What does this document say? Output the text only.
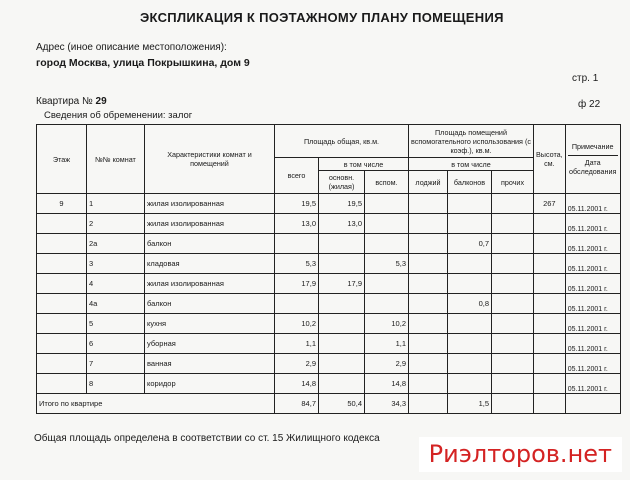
ЭКСПЛИКАЦИЯ К ПОЭТАЖНОМУ ПЛАНУ ПОМЕЩЕНИЯ
Адрес (иное описание местоположения):
город Москва, улица Покрышкина, дом 9
стр. 1
Квартира № 29	ф 22
Сведения об обременении: залог
Этаж	№№ комнат	Характеристики комнат и помещений	Площадь общая, кв.м.			Площадь помещений вспомогательного использования (с коэф.), кв.м.			Высота, см.	Примечание
Дата обследования

			всего	в том числе		в том числе				
				основн. (жилая)	вспом.	лоджий	балконов	прочих		
9	1	жилая изолированная	19,5	19,5					267	05.11.2001 г.
	2	жилая изолированная	13,0	13,0						05.11.2001 г.
	2а	балкон					0,7			05.11.2001 г.
	3	кладовая	5,3		5,3					05.11.2001 г.
	4	жилая изолированная	17,9	17,9						05.11.2001 г.
	4а	балкон					0,8			05.11.2001 г.
	5	кухня	10,2		10,2					05.11.2001 г.
	6	уборная	1,1		1,1					05.11.2001 г.
	7	ванная	2,9		2,9					05.11.2001 г.
	8	коридор	14,8		14,8					05.11.2001 г.
Итого по квартире			84,7	50,4	34,3		1,5			
Общая площадь определена в соответствии со ст. 15 Жилищного кодекса
Риэлторов.нет
